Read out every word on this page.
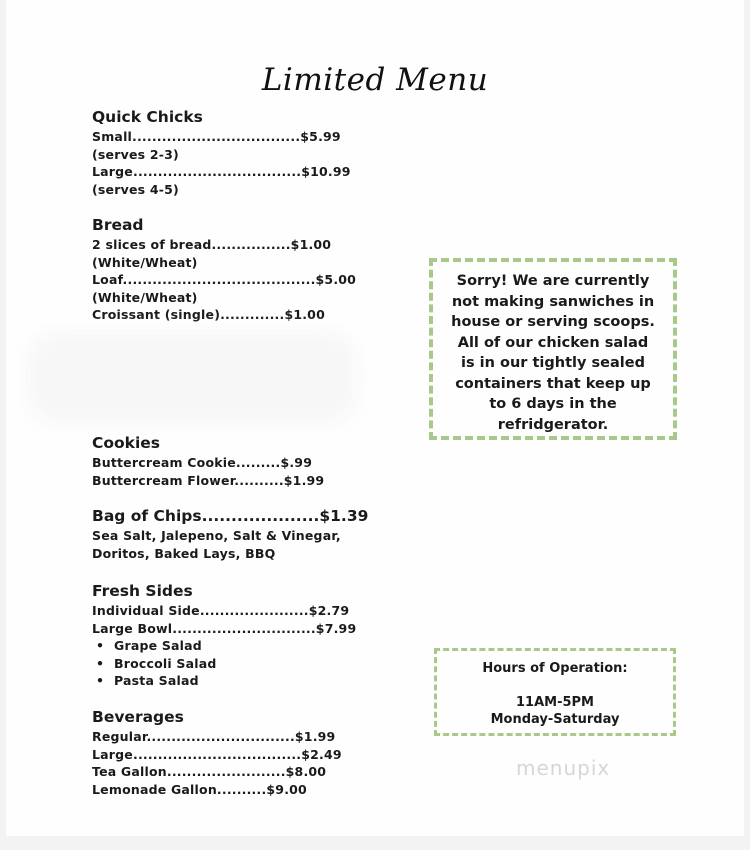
Limited Menu
Quick Chicks
Small..................................$5.99
(serves 2-3)
Large..................................$10.99
(serves 4-5)
Bread
2 slices of bread................$1.00
(White/Wheat)
Loaf.......................................$5.00
(White/Wheat)
Croissant (single).............$1.00
Cookies
Buttercream Cookie.........$.99
Buttercream Flower..........$1.99
Bag of Chips....................$1.39
Sea Salt, Jalepeno, Salt & Vinegar,
Doritos, Baked Lays, BBQ
Fresh Sides
Individual Side......................$2.79
Large Bowl.............................$7.99
• Grape Salad
• Broccoli Salad
• Pasta Salad
Beverages
Regular..............................$1.99
Large..................................$2.49
Tea Gallon........................$8.00
Lemonade Gallon..........$9.00
Sorry! We are currently
not making sanwiches in
house or serving scoops.
All of our chicken salad
is in our tightly sealed
containers that keep up
to 6 days in the
refridgerator.
Hours of Operation:
11AM-5PM
Monday-Saturday
menupix
